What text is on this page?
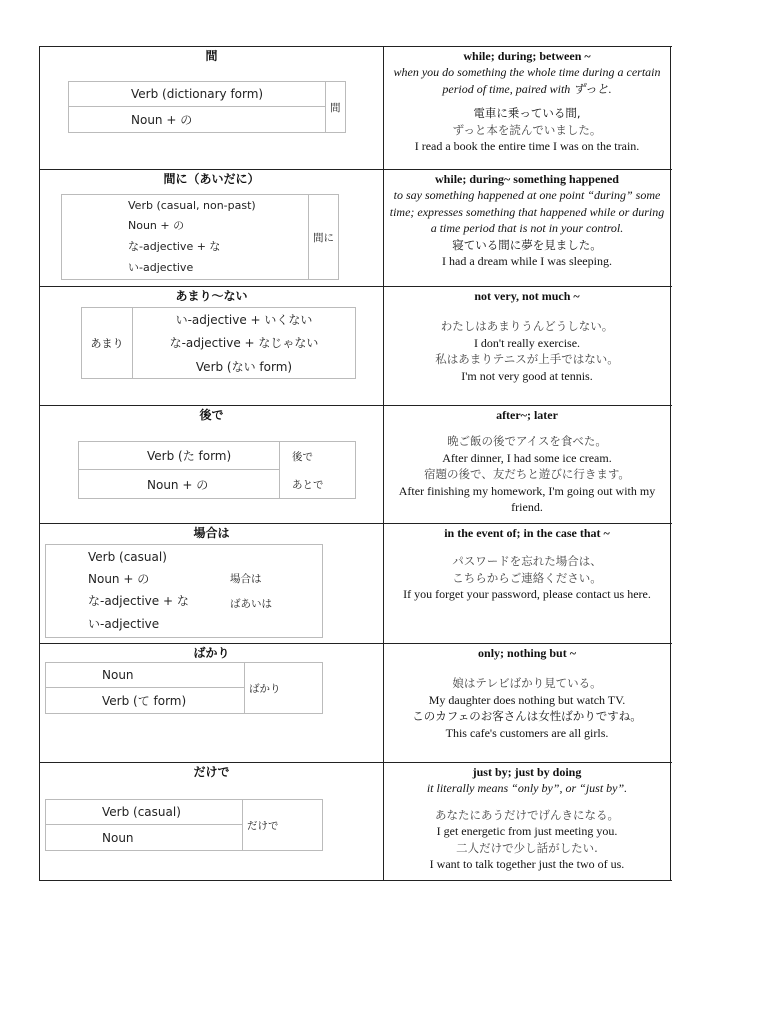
間
Verb (dictionary form)
Noun + の
間
while; during; between ~
when you do something the whole time during a certain period of time, paired with ずっと.
電車に乗っている間,
ずっと本を読んでいました。
I read a book the entire time I was on the train.
間に（あいだに）
Verb (casual, non-past)
Noun + の
な-adjective + な
い-adjective
間に
while; during~ something happened
to say something happened at one point “during” some time; expresses something that happened while or during a time period that is not in your control.
寝ている間に夢を見ました。
I had a dream while I was sleeping.
あまり～ない
あまり
い-adjective + いくない
な-adjective + なじゃない
Verb (ない form)
not very, not much ~
わたしはあまりうんどうしない。
I don't really exercise.
私はあまりテニスが上手ではない。
I'm not very good at tennis.
後で
Verb (た form)
Noun + の
後で
あとで
after~; later
晩ご飯の後でアイスを食べた。
After dinner, I had some ice cream.
宿題の後で、友だちと遊びに行きます。
After finishing my homework, I'm going out with my friend.
場合は
Verb (casual)
Noun + の
な-adjective + な
い-adjective
場合は
ばあいは
in the event of; in the case that ~
パスワードを忘れた場合は、
こちらからご連絡ください。
If you forget your password, please contact us here.
ばかり
Noun
Verb (て form)
ばかり
only; nothing but ~
娘はテレビばかり見ている。
My daughter does nothing but watch TV.
このカフェのお客さんは女性ばかりですね。
This cafe's customers are all girls.
だけで
Verb (casual)
Noun
だけで
just by; just by doing
it literally means “only by”, or “just by”.
あなたにあうだけでげんきになる。
I get energetic from just meeting you.
二人だけで少し話がしたい.
I want to talk together just the two of us.
